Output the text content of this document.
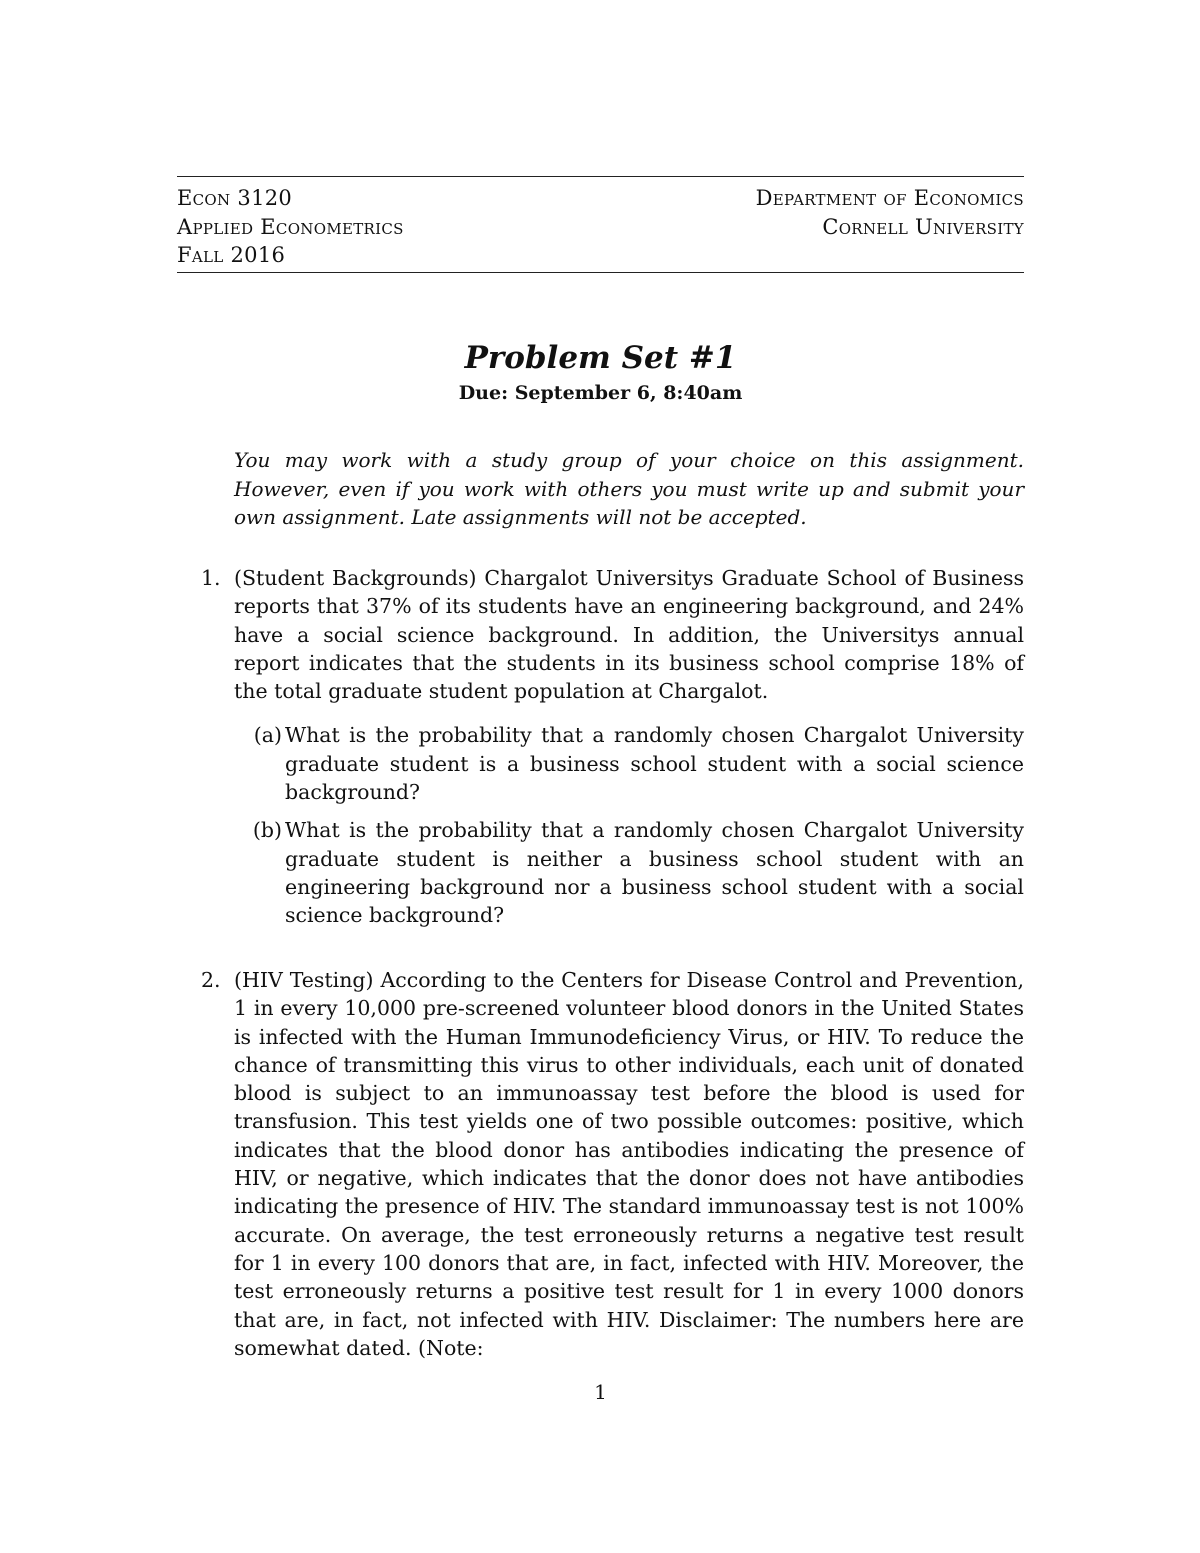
Econ 3120
Applied Econometrics
Fall 2016
Department of Economics
Cornell University
Problem Set #1
Due: September 6, 8:40am
You may work with a study group of your choice on this assignment. However, even if you work with others you must write up and submit your own assignment. Late assignments will not be accepted.
1. (Student Backgrounds) Chargalot Universitys Graduate School of Business reports that 37% of its students have an engineering background, and 24% have a social science background. In addition, the Universitys annual report indicates that the students in its business school comprise 18% of the total graduate student population at Chargalot.
(a) What is the probability that a randomly chosen Chargalot University graduate student is a business school student with a social science background?
(b) What is the probability that a randomly chosen Chargalot University graduate student is neither a business school student with an engineering background nor a business school student with a social science background?
2. (HIV Testing) According to the Centers for Disease Control and Prevention, 1 in every 10,000 pre-screened volunteer blood donors in the United States is infected with the Human Immunodeficiency Virus, or HIV. To reduce the chance of transmitting this virus to other individuals, each unit of donated blood is subject to an immunoassay test before the blood is used for transfusion. This test yields one of two possible outcomes: positive, which indicates that the blood donor has antibodies indicating the presence of HIV, or negative, which indicates that the donor does not have antibodies indicating the presence of HIV. The standard immunoassay test is not 100% accurate. On average, the test erroneously returns a negative test result for 1 in every 100 donors that are, in fact, infected with HIV. Moreover, the test erroneously returns a positive test result for 1 in every 1000 donors that are, in fact, not infected with HIV. Disclaimer: The numbers here are somewhat dated. (Note:
1
